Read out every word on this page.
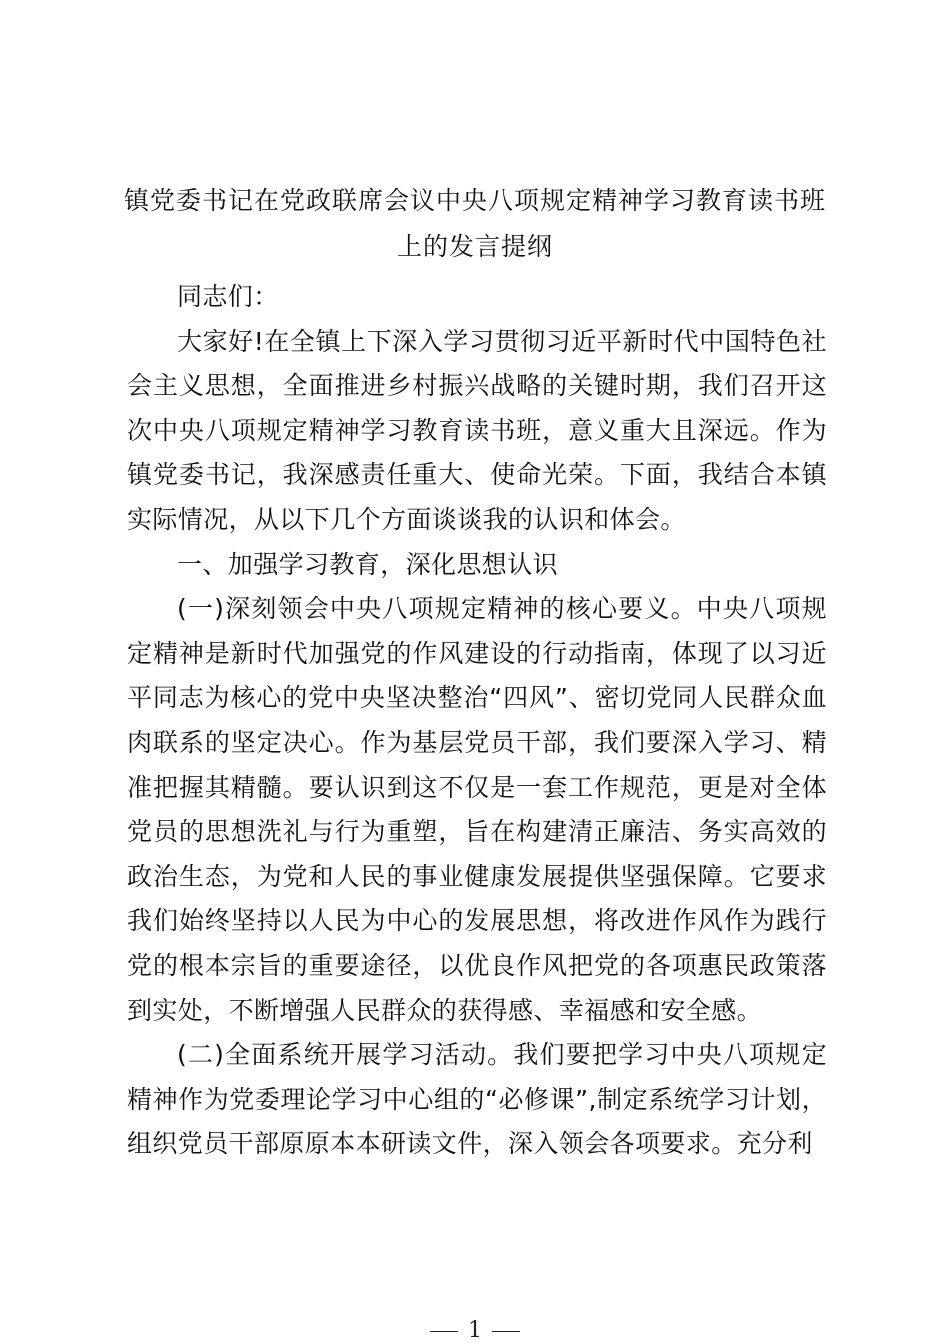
镇党委书记在党政联席会议中央八项规定精神学习教育读书班
上的发言提纲

同志们：

大家好!在全镇上下深入学习贯彻习近平新时代中国特色社会主义思想，全面推进乡村振兴战略的关键时期，我们召开这次中央八项规定精神学习教育读书班，意义重大且深远。作为镇党委书记，我深感责任重大、使命光荣。下面，我结合本镇实际情况，从以下几个方面谈谈我的认识和体会。

一、加强学习教育，深化思想认识

(一)深刻领会中央八项规定精神的核心要义。中央八项规定精神是新时代加强党的作风建设的行动指南，体现了以习近平同志为核心的党中央坚决整治“四风”、密切党同人民群众血肉联系的坚定决心。作为基层党员干部，我们要深入学习、精准把握其精髓。要认识到这不仅是一套工作规范，更是对全体党员的思想洗礼与行为重塑，旨在构建清正廉洁、务实高效的政治生态，为党和人民的事业健康发展提供坚强保障。它要求我们始终坚持以人民为中心的发展思想，将改进作风作为践行党的根本宗旨的重要途径，以优良作风把党的各项惠民政策落到实处，不断增强人民群众的获得感、幸福感和安全感。

(二)全面系统开展学习活动。我们要把学习中央八项规定精神作为党委理论学习中心组的“必修课”,制定系统学习计划，组织党员干部原原本本研读文件，深入领会各项要求。充分利

1
